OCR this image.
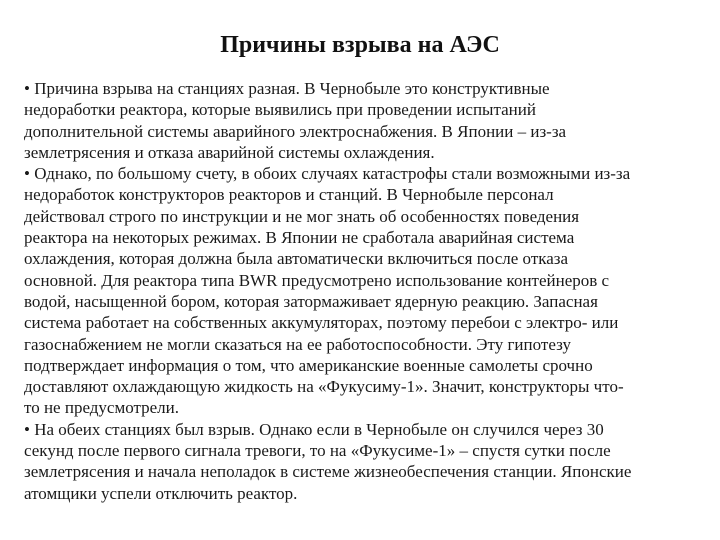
Причины взрыва на АЭС
• Причина взрыва на станциях разная. В Чернобыле это конструктивные
недоработки реактора, которые выявились при проведении испытаний
дополнительной системы аварийного электроснабжения. В Японии – из-за
землетрясения и отказа аварийной системы охлаждения.
• Однако, по большому счету, в обоих случаях катастрофы стали возможными из-за
недоработок конструкторов реакторов и станций. В Чернобыле персонал
действовал строго по инструкции и не мог знать об особенностях поведения
реактора на некоторых режимах. В Японии не сработала аварийная система
охлаждения, которая должна была автоматически включиться после отказа
основной. Для реактора типа BWR предусмотрено использование контейнеров с
водой, насыщенной бором, которая затормаживает ядерную реакцию. Запасная
система работает на собственных аккумуляторах, поэтому перебои с электро- или
газоснабжением не могли сказаться на ее работоспособности. Эту гипотезу
подтверждает информация о том, что американские военные самолеты срочно
доставляют охлаждающую жидкость на «Фукусиму-1». Значит, конструкторы что-
то не предусмотрели.
• На обеих станциях был взрыв. Однако если в Чернобыле он случился через 30
секунд после первого сигнала тревоги, то на «Фукусиме-1» – спустя сутки после
землетрясения и начала неполадок в системе жизнеобеспечения станции. Японские
атомщики успели отключить реактор.
